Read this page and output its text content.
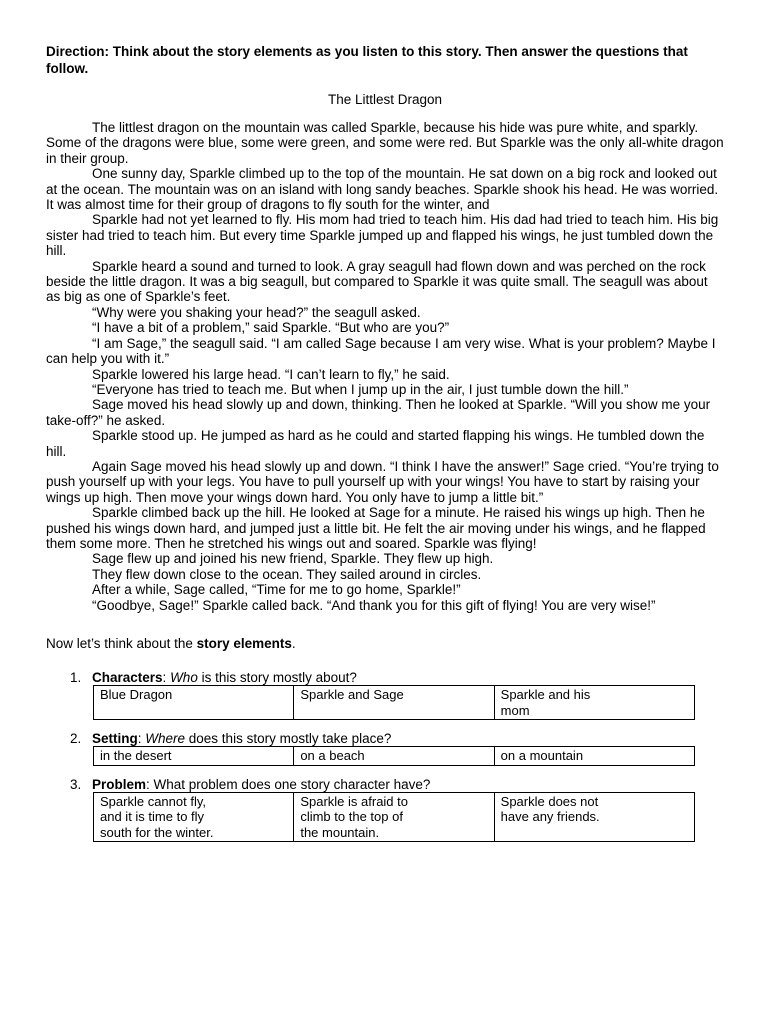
Direction: Think about the story elements as you listen to this story. Then answer the questions that follow.

The Littlest Dragon

The littlest dragon on the mountain was called Sparkle, because his hide was pure white, and sparkly. Some of the dragons were blue, some were green, and some were red. But Sparkle was the only all-white dragon in their group.

One sunny day, Sparkle climbed up to the top of the mountain. He sat down on a big rock and looked out at the ocean. The mountain was on an island with long sandy beaches. Sparkle shook his head. He was worried. It was almost time for their group of dragons to fly south for the winter, and

Sparkle had not yet learned to fly. His mom had tried to teach him. His dad had tried to teach him. His big sister had tried to teach him. But every time Sparkle jumped up and flapped his wings, he just tumbled down the hill.

Sparkle heard a sound and turned to look. A gray seagull had flown down and was perched on the rock beside the little dragon. It was a big seagull, but compared to Sparkle it was quite small. The seagull was about as big as one of Sparkle’s feet.

“Why were you shaking your head?” the seagull asked.

“I have a bit of a problem,” said Sparkle. “But who are you?”

“I am Sage,” the seagull said. “I am called Sage because I am very wise. What is your problem? Maybe I can help you with it.”

Sparkle lowered his large head. “I can’t learn to fly,” he said.

“Everyone has tried to teach me. But when I jump up in the air, I just tumble down the hill.”

Sage moved his head slowly up and down, thinking. Then he looked at Sparkle. “Will you show me your take-off?” he asked.

Sparkle stood up. He jumped as hard as he could and started flapping his wings. He tumbled down the hill.

Again Sage moved his head slowly up and down. “I think I have the answer!” Sage cried. “You’re trying to push yourself up with your legs. You have to pull yourself up with your wings! You have to start by raising your wings up high. Then move your wings down hard. You only have to jump a little bit.”

Sparkle climbed back up the hill. He looked at Sage for a minute. He raised his wings up high. Then he pushed his wings down hard, and jumped just a little bit. He felt the air moving under his wings, and he flapped them some more. Then he stretched his wings out and soared. Sparkle was flying!

Sage flew up and joined his new friend, Sparkle. They flew up high.

They flew down close to the ocean. They sailed around in circles.

After a while, Sage called, “Time for me to go home, Sparkle!”

“Goodbye, Sage!” Sparkle called back. “And thank you for this gift of flying! You are very wise!”

Now let’s think about the story elements.
1. Characters: Who is this story mostly about?
Blue Dragon	Sparkle and Sage	Sparkle and his
mom
2. Setting: Where does this story mostly take place?
in the desert	on a beach	on a mountain
3. Problem: What problem does one story character have?
Sparkle cannot fly,
and it is time to fly
south for the winter.	Sparkle is afraid to
climb to the top of
the mountain.	Sparkle does not
have any friends.
